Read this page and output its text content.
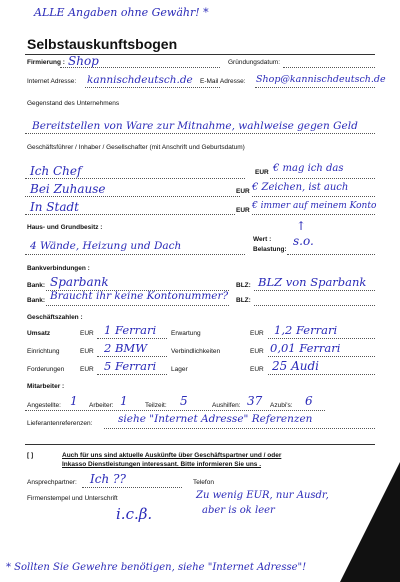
ALLE Angaben ohne Gewähr! *
Selbstauskunftsbogen
Firmierung : Shop	Gründungsdatum:
Internet Adresse: kannischdeutsch.de E-Mail Adresse: Shop@kannischdeutsch.de
Gegenstand des Unternehmens
Bereitstellen von Ware zur Mitnahme, wahlweise gegen Geld
Geschäftsführer / Inhaber / Gesellschafter (mit Anschrift und Geburtsdatum)
Ich Chef	EUR € mag ich das
Bei Zuhause	EUR € Zeichen, ist auch
In Stadt	EUR € immer auf meinem Konto
Haus- und Grundbesitz :
4 Wände, Heizung und Dach
↑
Wert :
Belastung:
s.o.
Bankverbindungen :
Bank: Sparbank	BLZ: BLZ von Sparbank
Bank: Braucht ihr keine Kontonummer? BLZ:
Geschäftszahlen :
Umsatz	EUR 1 Ferrari Erwartung	EUR 1,2 Ferrari
Einrichtung	EUR 2 BMW	Verbindlichkeiten	EUR 0,01 Ferrari
Forderungen EUR 5 Ferrari Lager	EUR 25 Audi
Mitarbeiter :
Angestellte: 1 Arbeiter: 1	Teilzeit: 5	Aushilfen: 37 Azubi's: 6
Lieferantenreferenzen: siehe "Internet Adresse" Referenzen
[ ]	Auch für uns sind aktuelle Auskünfte über Geschäftspartner und / oder
Inkasso Dienstleistungen interessant. Bitte informieren Sie uns .
Ansprechpartner: Ich ??	Telefon
Firmenstempel und Unterschrift	Zu wenig EUR, nur Ausdr,
aber is ok leer
i.c.β.
* Sollten Sie Gewehre benötigen, siehe "Internet Adresse"!
